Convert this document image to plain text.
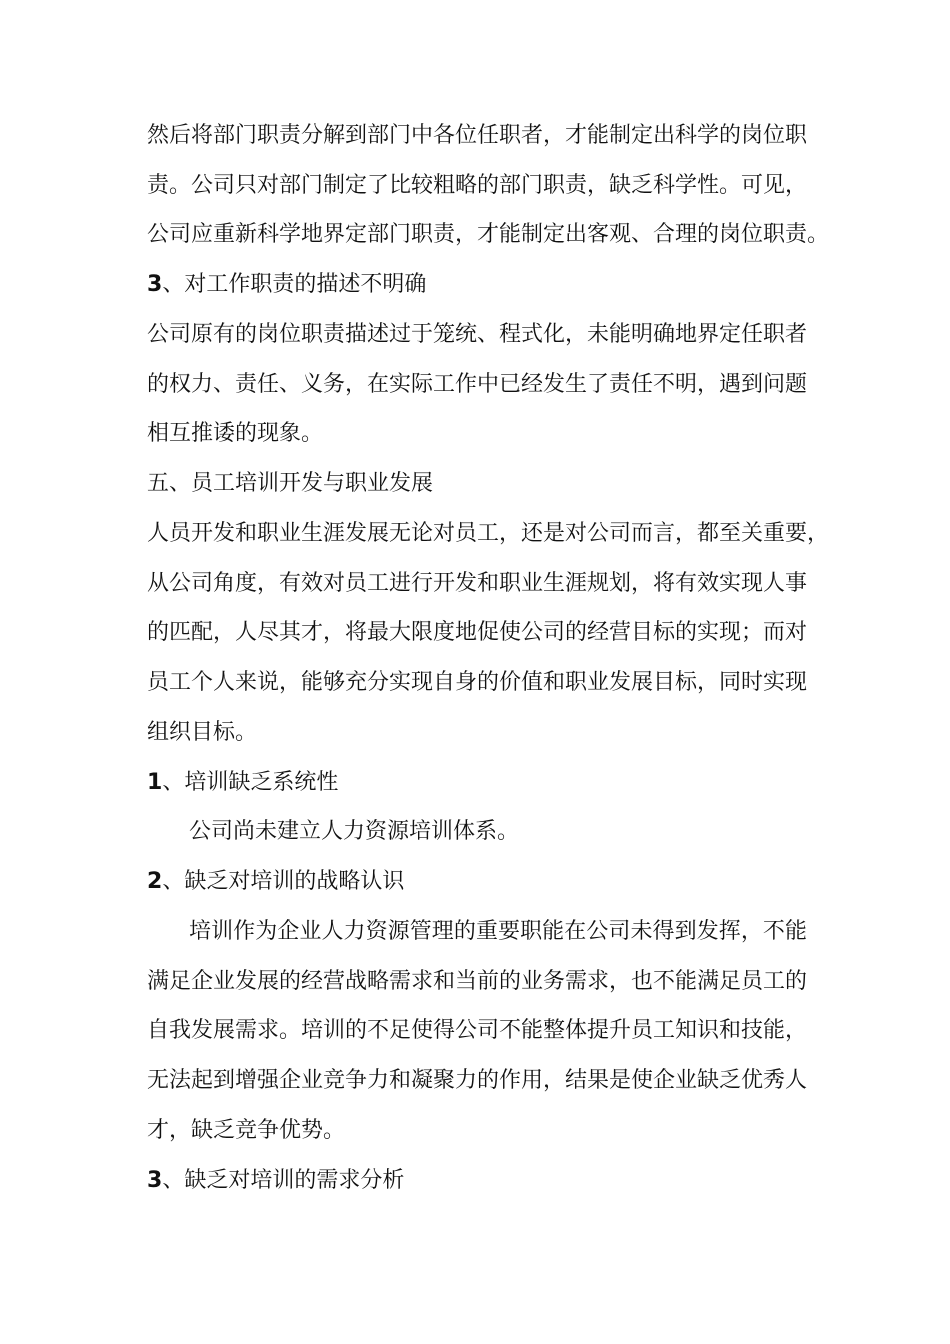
然后将部门职责分解到部门中各位任职者，才能制定出科学的岗位职
责。公司只对部门制定了比较粗略的部门职责，缺乏科学性。可见，
公司应重新科学地界定部门职责，才能制定出客观、合理的岗位职责。
3、对工作职责的描述不明确
公司原有的岗位职责描述过于笼统、程式化，未能明确地界定任职者
的权力、责任、义务，在实际工作中已经发生了责任不明，遇到问题
相互推诿的现象。
五、员工培训开发与职业发展
人员开发和职业生涯发展无论对员工，还是对公司而言，都至关重要，
从公司角度，有效对员工进行开发和职业生涯规划，将有效实现人事
的匹配，人尽其才，将最大限度地促使公司的经营目标的实现；而对
员工个人来说，能够充分实现自身的价值和职业发展目标，同时实现
组织目标。
1、培训缺乏系统性
公司尚未建立人力资源培训体系。
2、缺乏对培训的战略认识
培训作为企业人力资源管理的重要职能在公司未得到发挥，不能
满足企业发展的经营战略需求和当前的业务需求，也不能满足员工的
自我发展需求。培训的不足使得公司不能整体提升员工知识和技能，
无法起到增强企业竞争力和凝聚力的作用，结果是使企业缺乏优秀人
才，缺乏竞争优势。
3、缺乏对培训的需求分析
